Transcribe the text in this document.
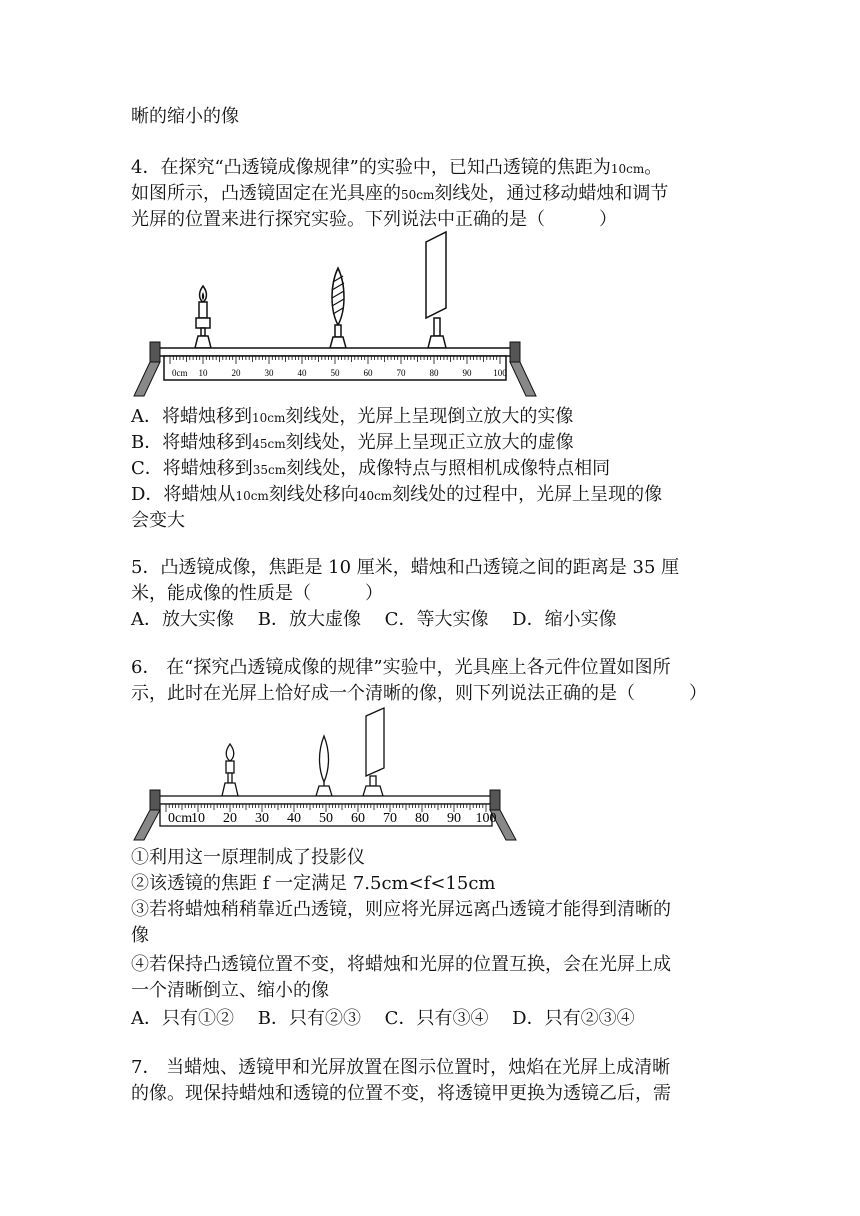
晰的缩小的像
4．在探究“凸透镜成像规律”的实验中，已知凸透镜的焦距为10cm。
如图所示，凸透镜固定在光具座的50cm刻线处，通过移动蜡烛和调节
光屏的位置来进行探究实验。下列说法中正确的是（　　　）
0cm 10	20	30	40	50	60	70	80	90 100
A．将蜡烛移到10cm刻线处，光屏上呈现倒立放大的实像
B．将蜡烛移到45cm刻线处，光屏上呈现正立放大的虚像
C．将蜡烛移到35cm刻线处，成像特点与照相机成像特点相同
D．将蜡烛从10cm刻线处移向40cm刻线处的过程中，光屏上呈现的像
会变大
5．凸透镜成像，焦距是 10 厘米，蜡烛和凸透镜之间的距离是 35 厘
米，能成像的性质是（　　　）
A．放大实像　 B．放大虚像　 C．等大实像　 D．缩小实像
6． 在“探究凸透镜成像的规律”实验中，光具座上各元件位置如图所
示，此时在光屏上恰好成一个清晰的像，则下列说法正确的是（　　　）
0cm
10 20 30 40 50 60 70 80 90 100
①利用这一原理制成了投影仪
②该透镜的焦距 f 一定满足 7.5cm<f<15cm
③若将蜡烛稍稍靠近凸透镜，则应将光屏远离凸透镜才能得到清晰的
像
④若保持凸透镜位置不变，将蜡烛和光屏的位置互换，会在光屏上成
一个清晰倒立、缩小的像
A．只有①②　 B．只有②③　 C．只有③④　 D．只有②③④
7． 当蜡烛、透镜甲和光屏放置在图示位置时，烛焰在光屏上成清晰
的像。现保持蜡烛和透镜的位置不变，将透镜甲更换为透镜乙后，需
